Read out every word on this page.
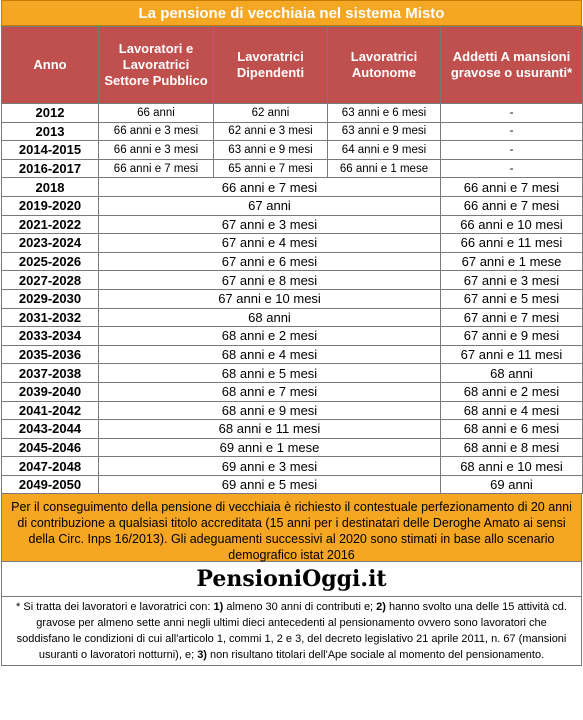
La pensione di vecchiaia nel sistema Misto
Anno	Lavoratori e Lavoratrici Settore Pubblico	Lavoratrici Dipendenti	Lavoratrici Autonome	Addetti A mansioni gravose o usuranti*
2012	66 anni	62 anni	63 anni e 6 mesi	-
2013	66 anni e 3 mesi	62 anni e 3 mesi	63 anni e 9 mesi	-
2014-2015	66 anni e 3 mesi	63 anni e 9 mesi	64 anni e 9 mesi	-
2016-2017	66 anni e 7 mesi	65 anni e 7 mesi	66 anni e 1 mese	-
2018	66 anni e 7 mesi			66 anni e 7 mesi
2019-2020	67 anni			66 anni e 7 mesi
2021-2022	67 anni e 3 mesi			66 anni e 10 mesi
2023-2024	67 anni e 4 mesi			66 anni e 11 mesi
2025-2026	67 anni e 6 mesi			67 anni e 1 mese
2027-2028	67 anni e 8 mesi			67 anni e 3 mesi
2029-2030	67 anni e 10 mesi			67 anni e 5 mesi
2031-2032	68 anni			67 anni e 7 mesi
2033-2034	68 anni e 2 mesi			67 anni e 9 mesi
2035-2036	68 anni e 4 mesi			67 anni e 11 mesi
2037-2038	68 anni e 5 mesi			68 anni
2039-2040	68 anni e 7 mesi			68 anni e 2 mesi
2041-2042	68 anni e 9 mesi			68 anni e 4 mesi
2043-2044	68 anni e 11 mesi			68 anni e 6 mesi
2045-2046	69 anni e 1 mese			68 anni e 8 mesi
2047-2048	69 anni e 3 mesi			68 anni e 10 mesi
2049-2050	69 anni e 5 mesi			69 anni
Per il conseguimento della pensione di vecchiaia è richiesto il contestuale perfezionamento di 20 anni di contribuzione a qualsiasi titolo accreditata (15 anni per i destinatari delle Deroghe Amato ai sensi della Circ. Inps 16/2013). Gli adeguamenti successivi al 2020 sono stimati in base allo scenario demografico istat 2016
PensioniOggi.it
* Si tratta dei lavoratori e lavoratrici con: 1) almeno 30 anni di contributi e; 2) hanno svolto una delle 15 attività cd. gravose per almeno sette anni negli ultimi dieci antecedenti al pensionamento ovvero sono lavoratori che soddisfano le condizioni di cui all'articolo 1, commi 1, 2 e 3, del decreto legislativo 21 aprile 2011, n. 67 (mansioni usuranti o lavoratori notturni), e; 3) non risultano titolari dell'Ape sociale al momento del pensionamento.
